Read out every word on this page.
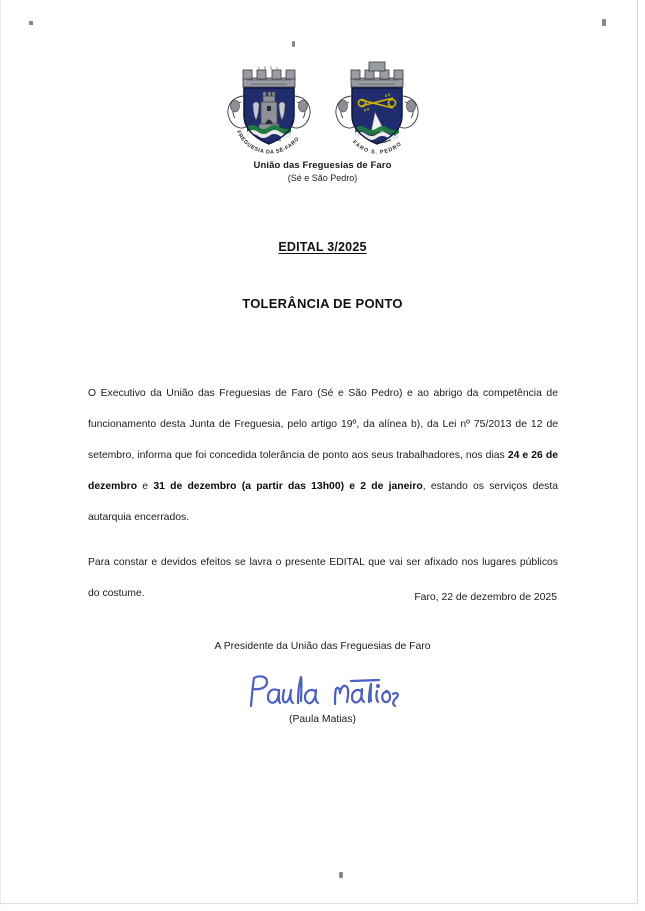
FREGUESIA DA SÉ-FARO	FARO S. PEDRO
União das Freguesias de Faro
(Sé e São Pedro)
EDITAL 3/2025
TOLERÂNCIA DE PONTO

O Executivo da União das Freguesias de Faro (Sé e São Pedro) e ao abrigo da competência de funcionamento desta Junta de Freguesia, pelo artigo 19º, da alínea b), da Lei nº 75/2013 de 12 de setembro, informa que foi concedida tolerância de ponto aos seus trabalhadores, nos dias 24 e 26 de dezembro e 31 de dezembro (a partir das 13h00) e 2 de janeiro, estando os serviços desta autarquia encerrados.

Para constar e devidos efeitos se lavra o presente EDITAL que vai ser afixado nos lugares públicos do costume.	Faro, 22 de dezembro de 2025
A Presidente da União das Freguesias de Faro
(Paula Matias)
